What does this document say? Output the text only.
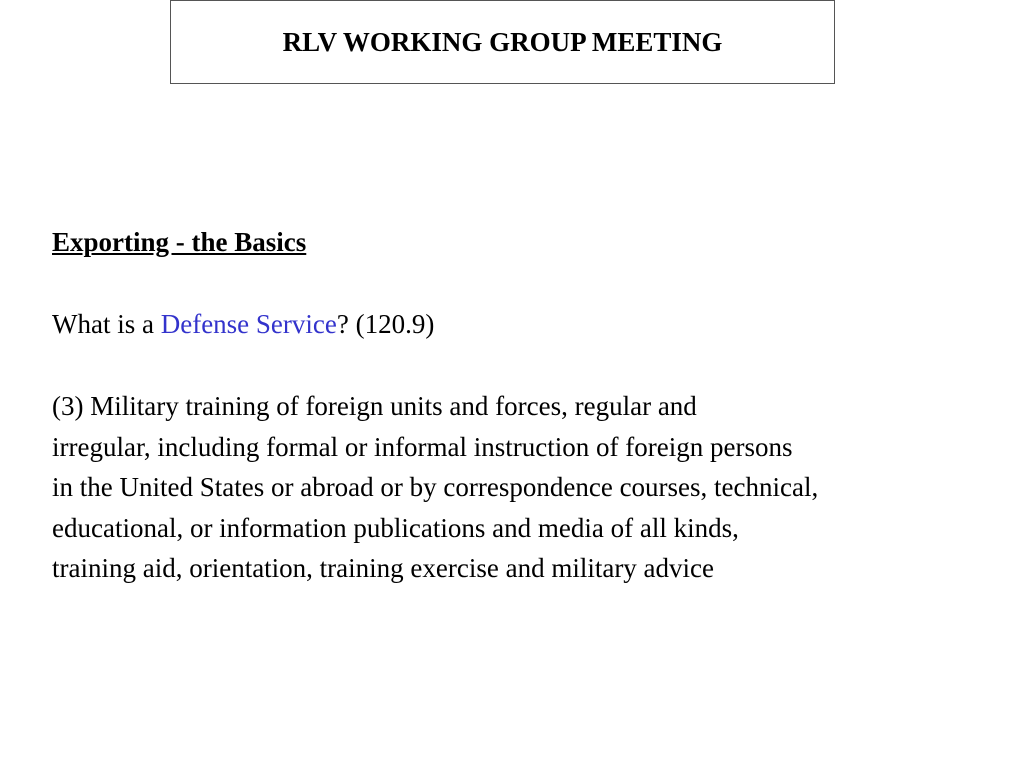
RLV WORKING GROUP MEETING

Exporting - the Basics

What is a Defense Service? (120.9)

(3) Military training of foreign units and forces, regular and
irregular, including formal or informal instruction of foreign persons
in the United States or abroad or by correspondence courses, technical,
educational, or information publications and media of all kinds,
training aid, orientation, training exercise and military advice
